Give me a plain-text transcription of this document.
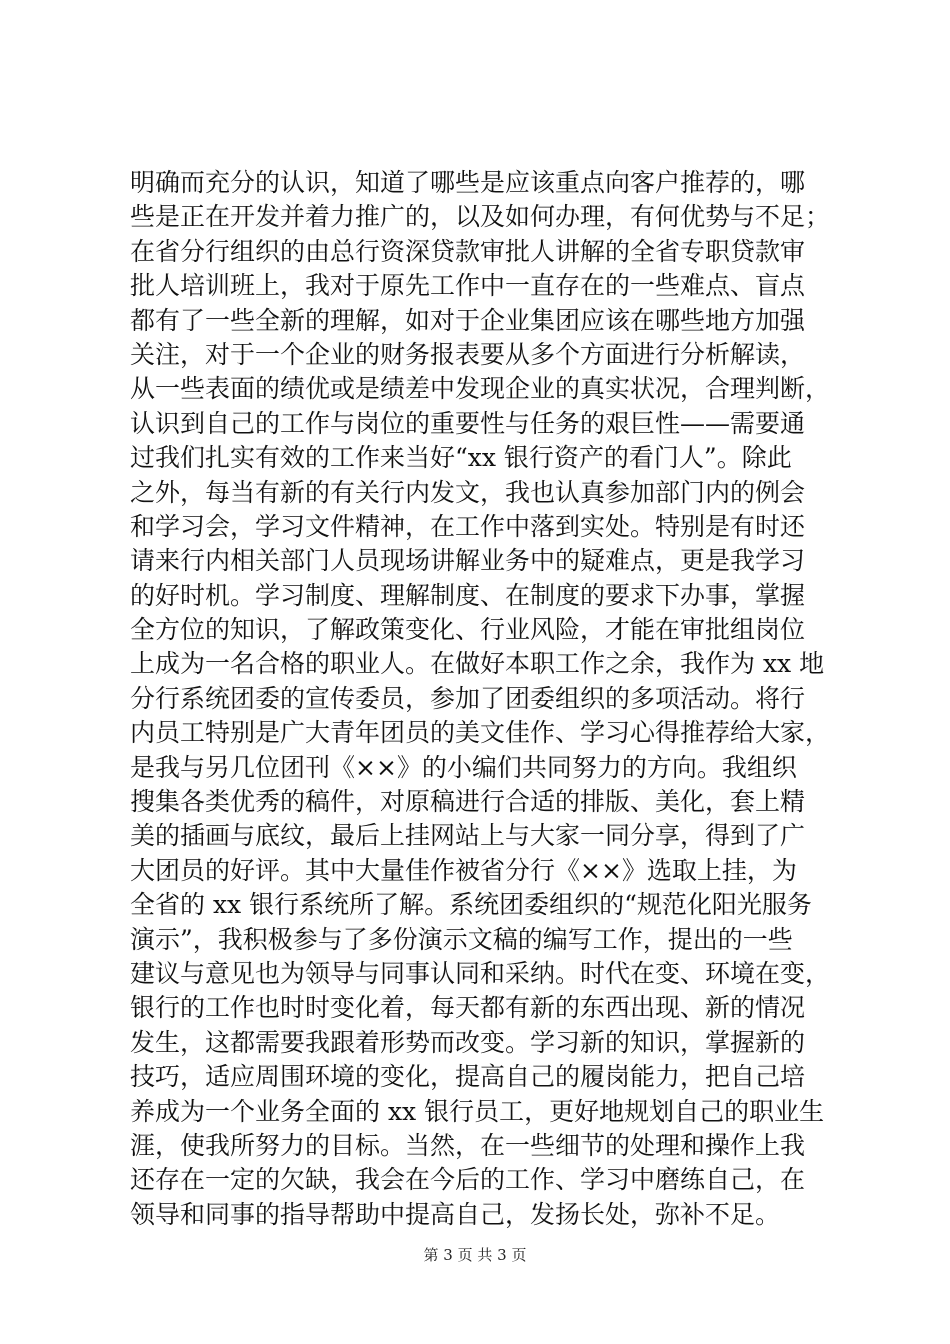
明确而充分的认识，知道了哪些是应该重点向客户推荐的，哪
些是正在开发并着力推广的，以及如何办理，有何优势与不足；
在省分行组织的由总行资深贷款审批人讲解的全省专职贷款审
批人培训班上，我对于原先工作中一直存在的一些难点、盲点
都有了一些全新的理解，如对于企业集团应该在哪些地方加强
关注，对于一个企业的财务报表要从多个方面进行分析解读，
从一些表面的绩优或是绩差中发现企业的真实状况，合理判断，
认识到自己的工作与岗位的重要性与任务的艰巨性——需要通
过我们扎实有效的工作来当好“xx 银行资产的看门人”。除此
之外，每当有新的有关行内发文，我也认真参加部门内的例会
和学习会，学习文件精神，在工作中落到实处。特别是有时还
请来行内相关部门人员现场讲解业务中的疑难点，更是我学习
的好时机。学习制度、理解制度、在制度的要求下办事，掌握
全方位的知识，了解政策变化、行业风险，才能在审批组岗位
上成为一名合格的职业人。在做好本职工作之余，我作为 xx 地
分行系统团委的宣传委员，参加了团委组织的多项活动。将行
内员工特别是广大青年团员的美文佳作、学习心得推荐给大家，
是我与另几位团刊《××》的小编们共同努力的方向。我组织
搜集各类优秀的稿件，对原稿进行合适的排版、美化，套上精
美的插画与底纹，最后上挂网站上与大家一同分享，得到了广
大团员的好评。其中大量佳作被省分行《××》选取上挂，为
全省的 xx 银行系统所了解。系统团委组织的“规范化阳光服务
演示”，我积极参与了多份演示文稿的编写工作，提出的一些
建议与意见也为领导与同事认同和采纳。时代在变、环境在变，
银行的工作也时时变化着，每天都有新的东西出现、新的情况
发生，这都需要我跟着形势而改变。学习新的知识，掌握新的
技巧，适应周围环境的变化，提高自己的履岗能力，把自己培
养成为一个业务全面的 xx 银行员工，更好地规划自己的职业生
涯，使我所努力的目标。当然，在一些细节的处理和操作上我
还存在一定的欠缺，我会在今后的工作、学习中磨练自己，在
领导和同事的指导帮助中提高自己，发扬长处，弥补不足。
第 3 页 共 3 页
